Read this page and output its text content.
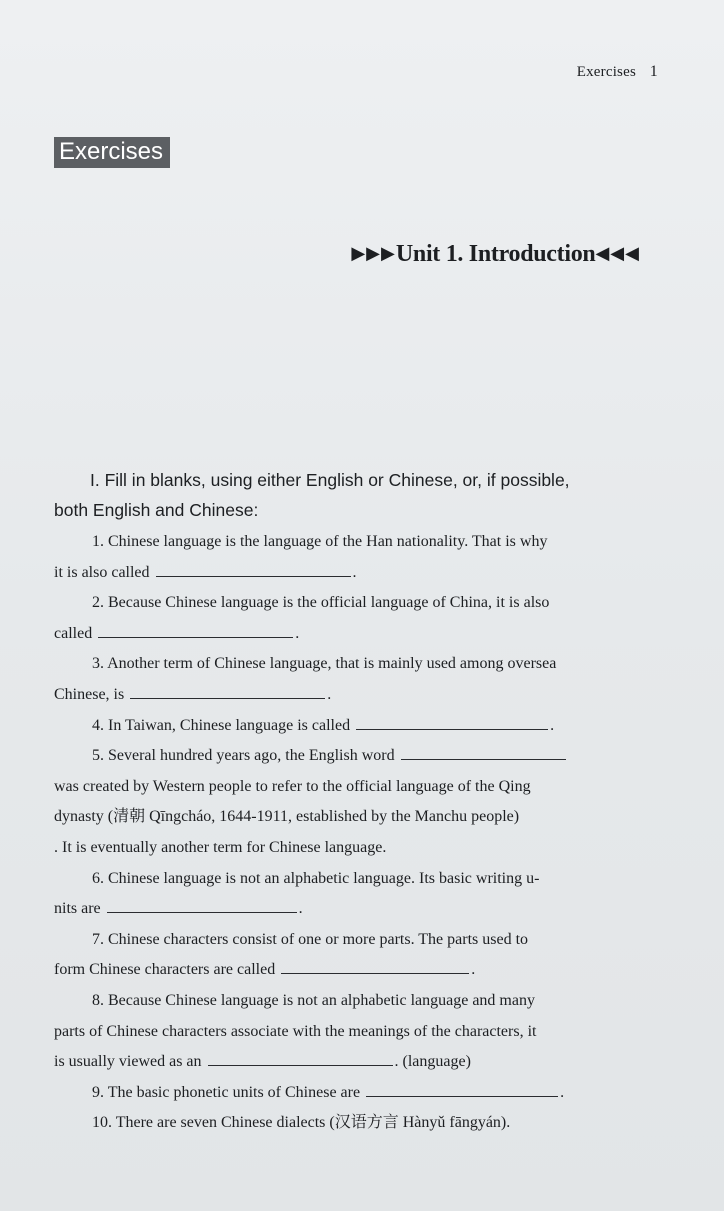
Exercises 1
Exercises
▶▶▶Unit 1. Introduction◀◀◀
I. Fill in blanks, using either English or Chinese, or, if possible,
both English and Chinese:
1. Chinese language is the language of the Han nationality. That is why
it is also called	.
2. Because Chinese language is the official language of China, it is also
called	.
3. Another term of Chinese language, that is mainly used among oversea
Chinese, is	.
4. In Taiwan, Chinese language is called	.
5. Several hundred years ago, the English word
was created by Western people to refer to the official language of the Qing
dynasty (清朝 Qīngcháo, 1644-1911, established by the Manchu people)
. It is eventually another term for Chinese language.
6. Chinese language is not an alphabetic language. Its basic writing u-
nits are	.
7. Chinese characters consist of one or more parts. The parts used to
form Chinese characters are called	.
8. Because Chinese language is not an alphabetic language and many
parts of Chinese characters associate with the meanings of the characters, it
is usually viewed as an	. (language)
9. The basic phonetic units of Chinese are	.
10. There are seven Chinese dialects (汉语方言 Hànyǔ fāngyán).
